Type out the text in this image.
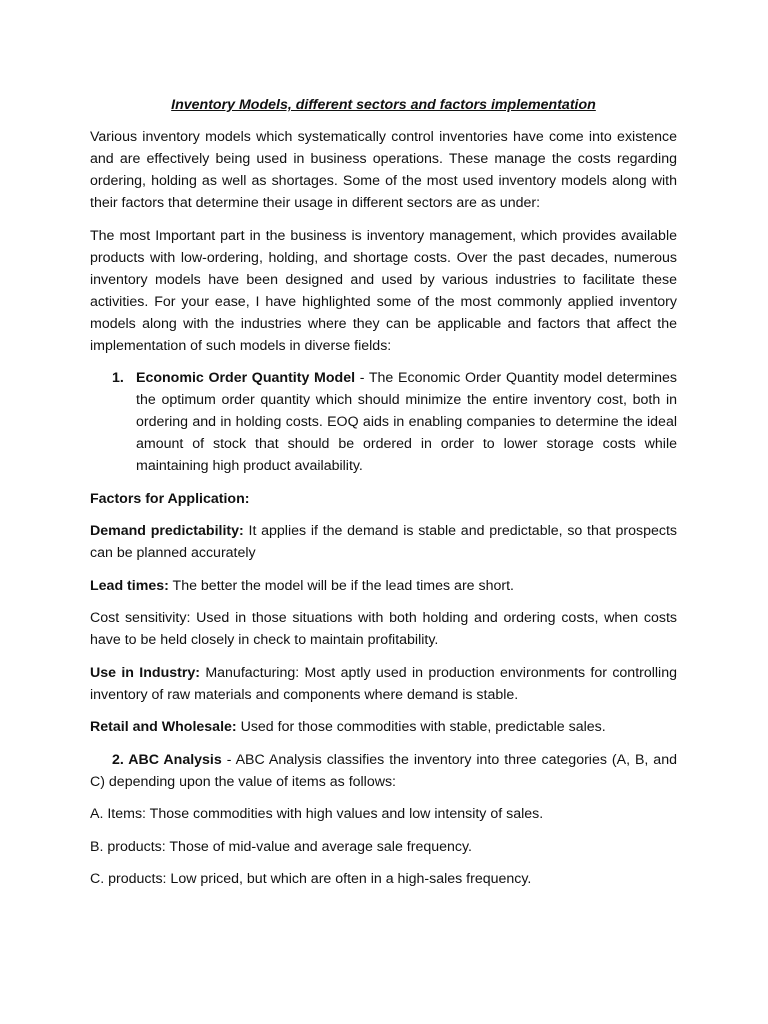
Inventory Models, different sectors and factors implementation

Various inventory models which systematically control inventories have come into existence and are effectively being used in business operations. These manage the costs regarding ordering, holding as well as shortages. Some of the most used inventory models along with their factors that determine their usage in different sectors are as under:

The most Important part in the business is inventory management, which provides available products with low-ordering, holding, and shortage costs. Over the past decades, numerous inventory models have been designed and used by various industries to facilitate these activities. For your ease, I have highlighted some of the most commonly applied inventory models along with the industries where they can be applicable and factors that affect the implementation of such models in diverse fields:

1. Economic Order Quantity Model - The Economic Order Quantity model determines the optimum order quantity which should minimize the entire inventory cost, both in ordering and in holding costs. EOQ aids in enabling companies to determine the ideal amount of stock that should be ordered in order to lower storage costs while maintaining high product availability.

Factors for Application:

Demand predictability: It applies if the demand is stable and predictable, so that prospects can be planned accurately

Lead times: The better the model will be if the lead times are short.

Cost sensitivity: Used in those situations with both holding and ordering costs, when costs have to be held closely in check to maintain profitability.

Use in Industry: Manufacturing: Most aptly used in production environments for controlling inventory of raw materials and components where demand is stable.

Retail and Wholesale: Used for those commodities with stable, predictable sales.

2. ABC Analysis - ABC Analysis classifies the inventory into three categories (A, B, and C) depending upon the value of items as follows:

A. Items: Those commodities with high values and low intensity of sales.

B. products: Those of mid-value and average sale frequency.

C. products: Low priced, but which are often in a high-sales frequency.
